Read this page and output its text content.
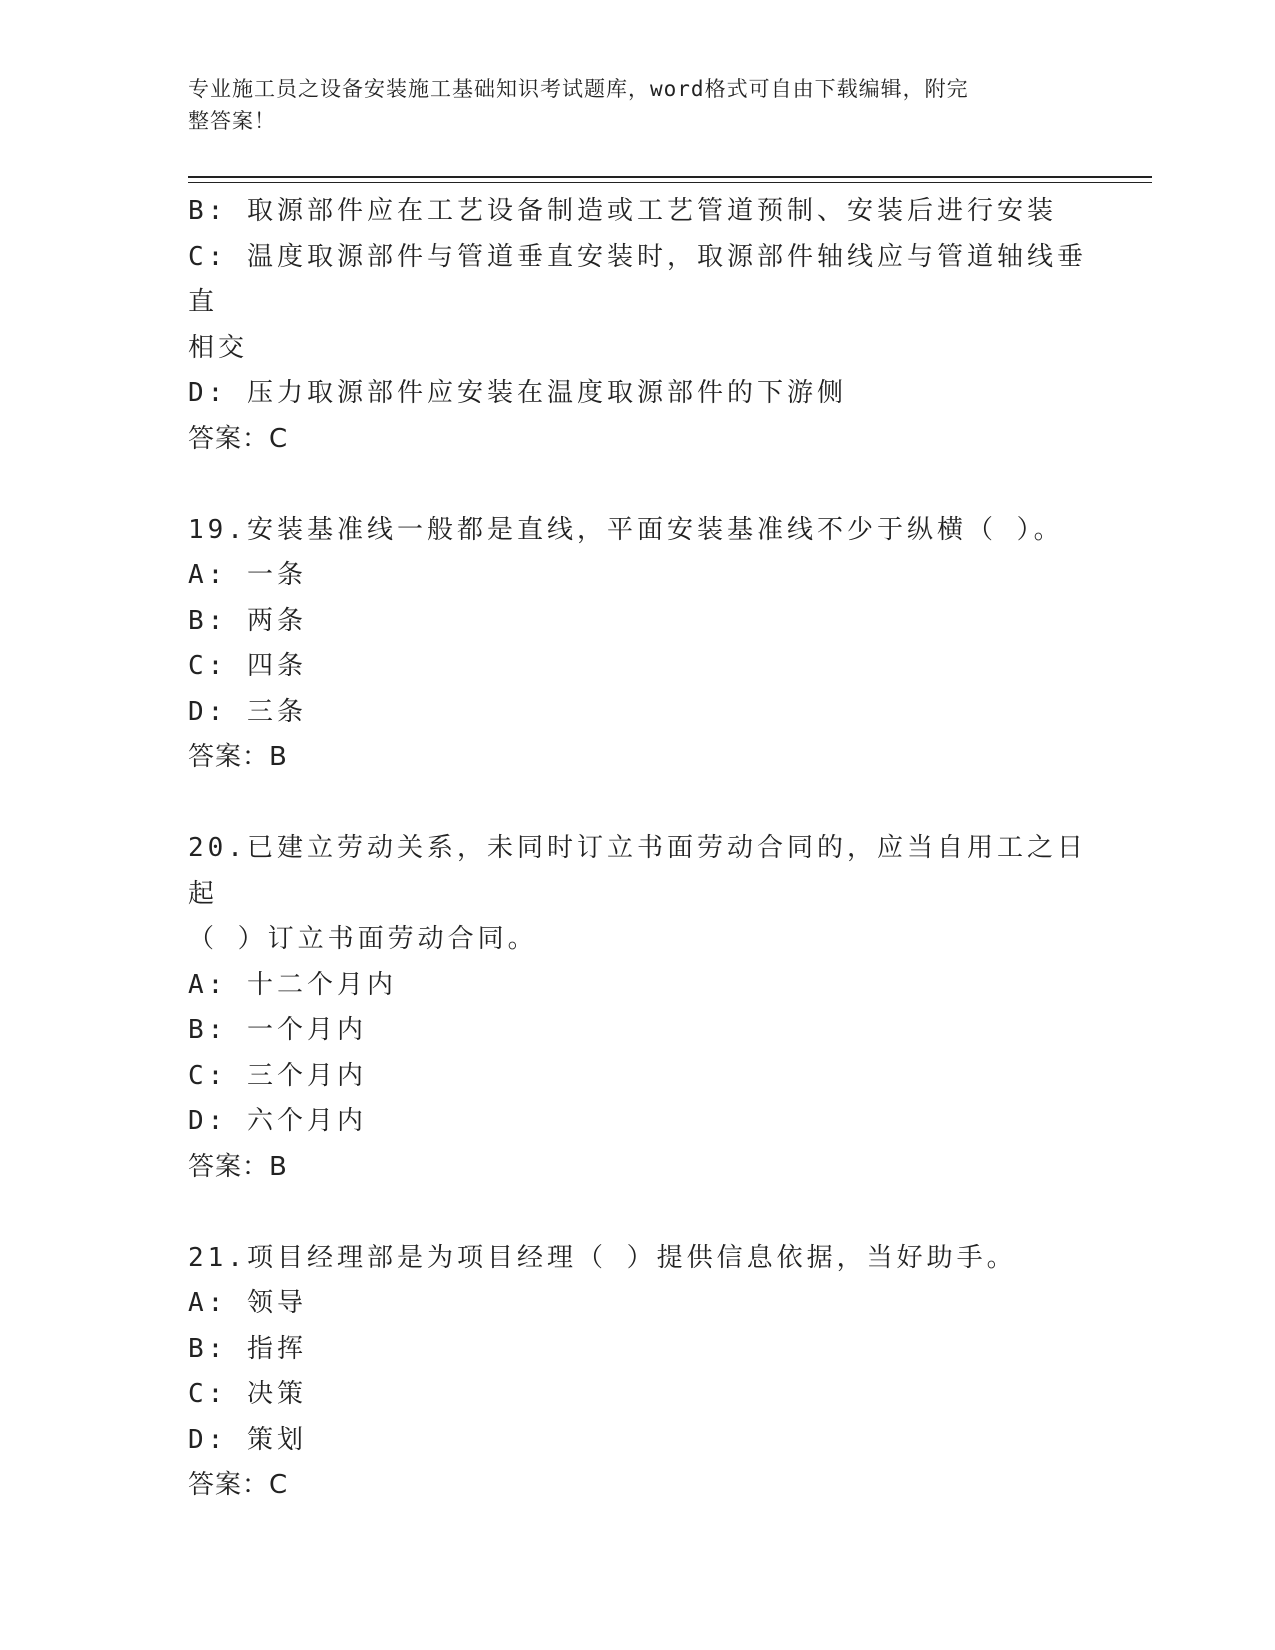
专业施工员之设备安装施工基础知识考试题库，word格式可自由下载编辑，附完
整答案！
B: 取源部件应在工艺设备制造或工艺管道预制、安装后进行安装
C: 温度取源部件与管道垂直安装时，取源部件轴线应与管道轴线垂直
相交
D: 压力取源部件应安装在温度取源部件的下游侧
答案：C
19.安装基准线一般都是直线，平面安装基准线不少于纵横（ ）。
A: 一条
B: 两条
C: 四条
D: 三条
答案：B
20.已建立劳动关系，未同时订立书面劳动合同的，应当自用工之日起
（ ）订立书面劳动合同。
A: 十二个月内
B: 一个月内
C: 三个月内
D: 六个月内
答案：B
21.项目经理部是为项目经理（ ）提供信息依据，当好助手。
A: 领导
B: 指挥
C: 决策
D: 策划
答案：C
